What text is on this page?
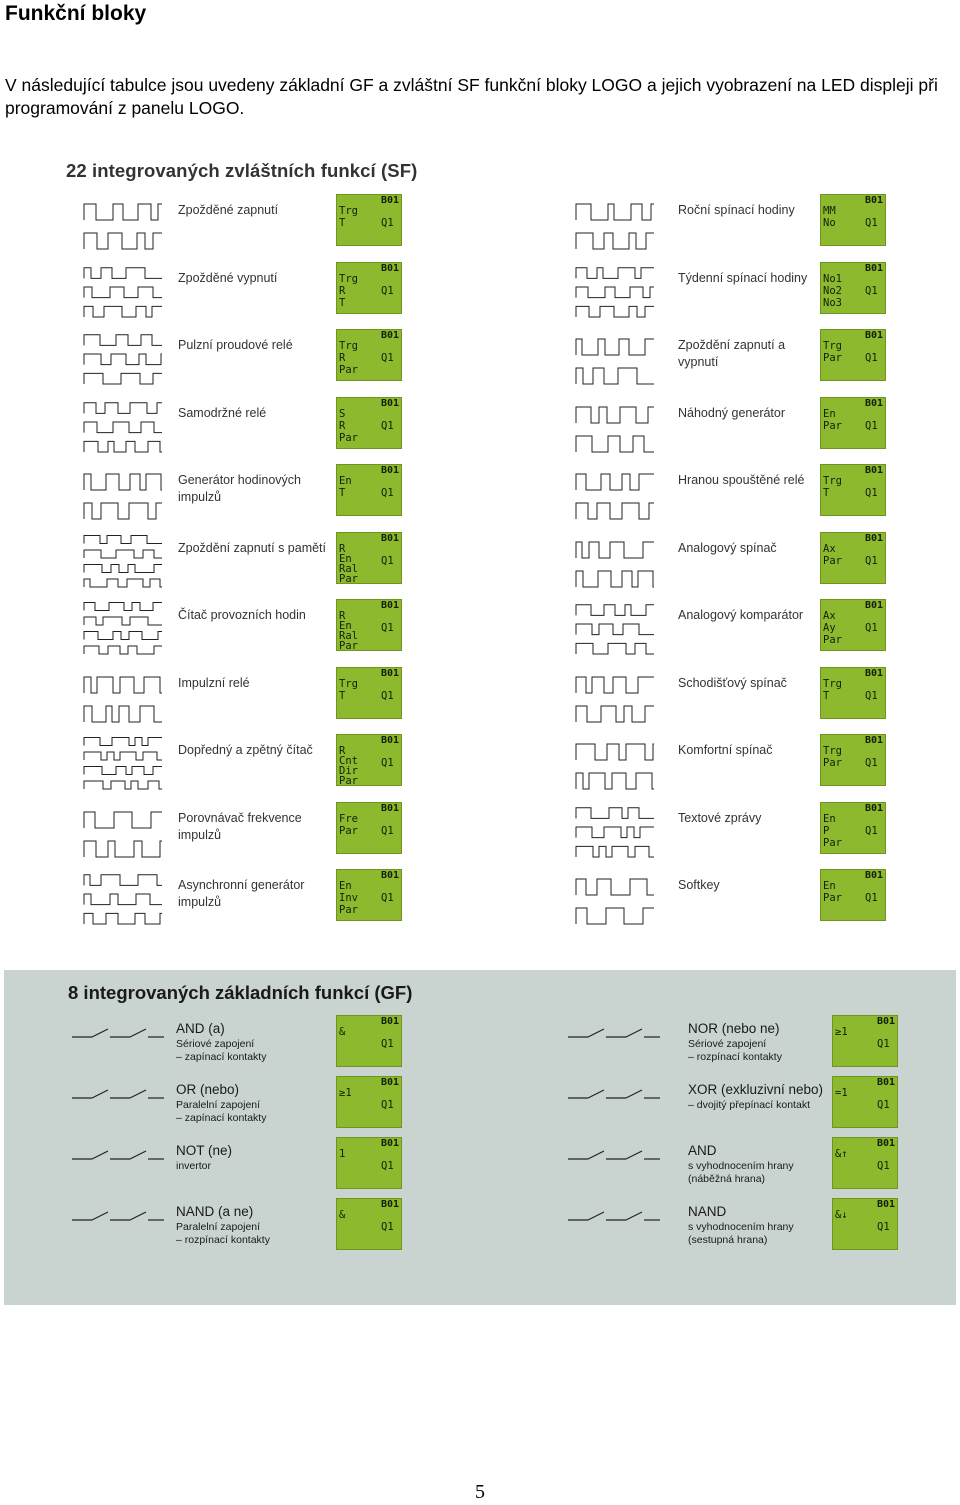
Funkční bloky
V následující tabulce jsou uvedeny základní GF a zvláštní SF funkční bloky LOGO a jejich vyobrazení na LED displeji při programování z panelu LOGO.
22 integrovaných zvláštních funkcí (SF)
Zpožděné zapnutí
B01
Trg
T	Q1
Zpožděné vypnutí
B01
Trg
R
T
Q1
Pulzní proudové relé
B01
Trg
R
Par
Q1
Samodržné relé
B01
S
R
Par
Q1
Generátor hodinových impulzů
B01
En
T	Q1
Zpoždění zapnutí s pamětí
B01
R
En
Ral
Par
Q1
Čítač provozních hodin
B01
R
En
Ral
Par
Q1
Impulzní relé
B01
Trg
T	Q1
Dopředný a zpětný čítač
B01
R
Cnt
Dir
Par
Q1
Porovnávač frekvence impulzů
B01
Fre
Par Q1
Asynchronní generátor impulzů
B01
En
Inv
Par
Q1
Roční spínací hodiny
B01
MM
No	Q1
Týdenní spínací hodiny
B01
No1
No2
No3
Q1
Zpoždění zapnutí a vypnutí
B01
Trg
Par Q1
Náhodný generátor
B01
En
Par Q1
Hranou spouštěné relé
B01
Trg
T	Q1
Analogový spínač
B01
Ax
Par Q1
Analogový komparátor
B01
Ax
Ay
Par
Q1
Schodišťový spínač
B01
Trg
T	Q1
Komfortní spínač
B01
Trg
Par Q1
Textové zprávy
B01
En
P
Par
Q1
Softkey
B01
En
Par Q1
8 integrovaných základních funkcí (GF)
AND (a)
Sériové zapojení
– zapínací kontakty
B01
&
Q1
OR (nebo)
Paralelní zapojení
– zapínací kontakty
B01
≥1
Q1
NOT (ne)
invertor
B01
1
Q1
NAND (a ne)
Paralelní zapojení
– rozpínací kontakty
B01
&
Q1
NOR (nebo ne)
Sériové zapojení
– rozpínací kontakty
B01
≥1
Q1
XOR (exkluzivní nebo)
– dvojitý přepínací kontakt
B01
=1
Q1
AND
s vyhodnocením hrany
(náběžná hrana)
B01
&↑
Q1
NAND
s vyhodnocením hrany
(sestupná hrana)
B01
&↓
Q1
5
